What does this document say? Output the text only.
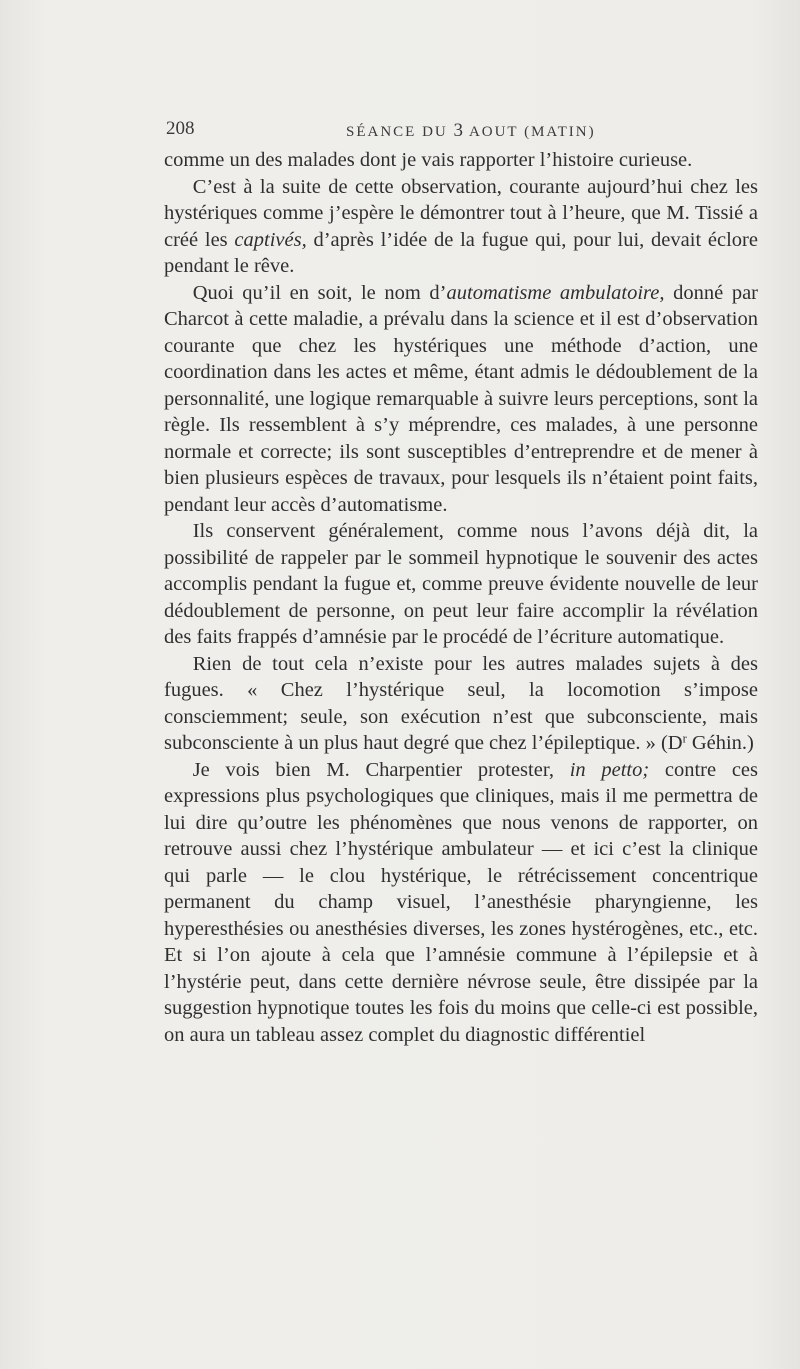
208	SÉANCE DU 3 AOUT (MATIN)

comme un des malades dont je vais rapporter l’histoire curieuse.

C’est à la suite de cette observation, courante aujourd’hui chez les hystériques comme j’espère le démontrer tout à l’heure, que M. Tissié a créé les captivés, d’après l’idée de la fugue qui, pour lui, devait éclore pendant le rêve.

Quoi qu’il en soit, le nom d’automatisme ambulatoire, donné par Charcot à cette maladie, a prévalu dans la science et il est d’observation courante que chez les hystériques une méthode d’action, une coordination dans les actes et même, étant admis le dédoublement de la personnalité, une logique remarquable à suivre leurs perceptions, sont la règle. Ils ressemblent à s’y méprendre, ces malades, à une personne normale et correcte; ils sont susceptibles d’entreprendre et de mener à bien plusieurs espèces de travaux, pour lesquels ils n’étaient point faits, pendant leur accès d’automatisme.

Ils conservent généralement, comme nous l’avons déjà dit, la possibilité de rappeler par le sommeil hypnotique le souvenir des actes accomplis pendant la fugue et, comme preuve évidente nouvelle de leur dédoublement de personne, on peut leur faire accomplir la révélation des faits frappés d’amnésie par le procédé de l’écriture automatique.

Rien de tout cela n’existe pour les autres malades sujets à des fugues. « Chez l’hystérique seul, la locomotion s’impose consciemment; seule, son exécution n’est que subconsciente, mais subconsciente à un plus haut degré que chez l’épileptique. » ($D^r$ Géhin.)

Je vois bien M. Charpentier protester, in petto; contre ces expressions plus psychologiques que cliniques, mais il me permettra de lui dire qu’outre les phénomènes que nous venons de rapporter, on retrouve aussi chez l’hystérique ambulateur — et ici c’est la clinique qui parle — le clou hystérique, le rétrécissement concentrique permanent du champ visuel, l’anesthésie pharyngienne, les hyperesthésies ou anesthésies diverses, les zones hystérogènes, etc., etc. Et si l’on ajoute à cela que l’amnésie commune à l’épilepsie et à l’hystérie peut, dans cette dernière névrose seule, être dissipée par la suggestion hypnotique toutes les fois du moins que celle-ci est possible, on aura un tableau assez complet du diagnostic différentiel
